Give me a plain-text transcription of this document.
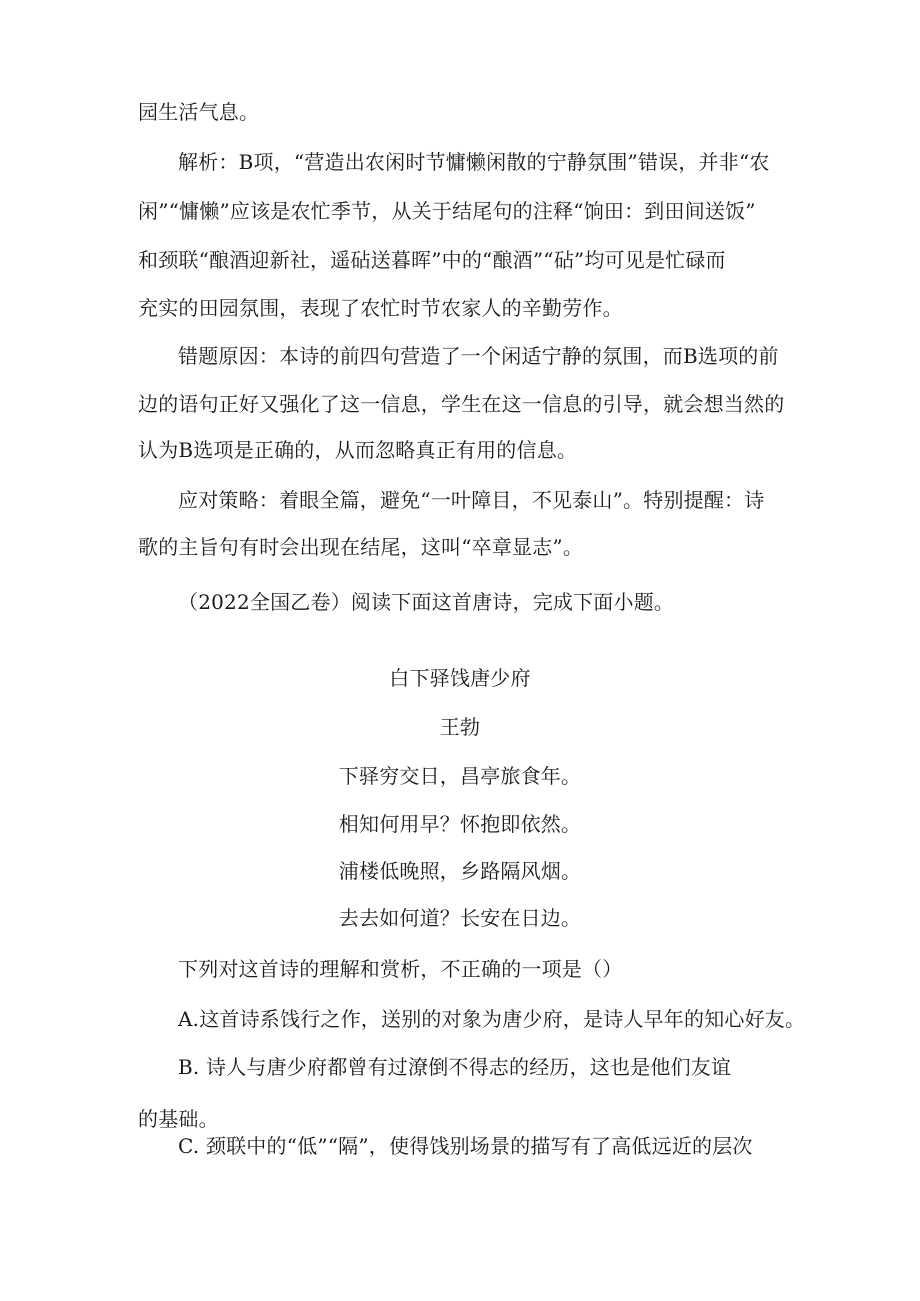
园生活气息。
解析：B项，“营造出农闲时节慵懒闲散的宁静氛围”错误，并非“农
闲”“慵懒”应该是农忙季节，从关于结尾句的注释“饷田：到田间送饭”
和颈联“酿酒迎新社，遥砧送暮晖”中的“酿酒”“砧”均可见是忙碌而
充实的田园氛围，表现了农忙时节农家人的辛勤劳作。
错题原因：本诗的前四句营造了一个闲适宁静的氛围，而B选项的前
边的语句正好又强化了这一信息，学生在这一信息的引导，就会想当然的
认为B选项是正确的，从而忽略真正有用的信息。
应对策略：着眼全篇，避免“一叶障目，不见泰山”。特别提醒：诗
歌的主旨句有时会出现在结尾，这叫“卒章显志”。
（2022全国乙卷）阅读下面这首唐诗，完成下面小题。
白下驿饯唐少府
王勃
下驿穷交日，昌亭旅食年。
相知何用早？怀抱即依然。
浦楼低晚照，乡路隔风烟。
去去如何道？长安在日边。
下列对这首诗的理解和赏析，不正确的一项是（）
A.这首诗系饯行之作，送别的对象为唐少府，是诗人早年的知心好友。
B. 诗人与唐少府都曾有过潦倒不得志的经历，这也是他们友谊
的基础。
C. 颈联中的“低”“隔”，使得饯别场景的描写有了高低远近的层次
